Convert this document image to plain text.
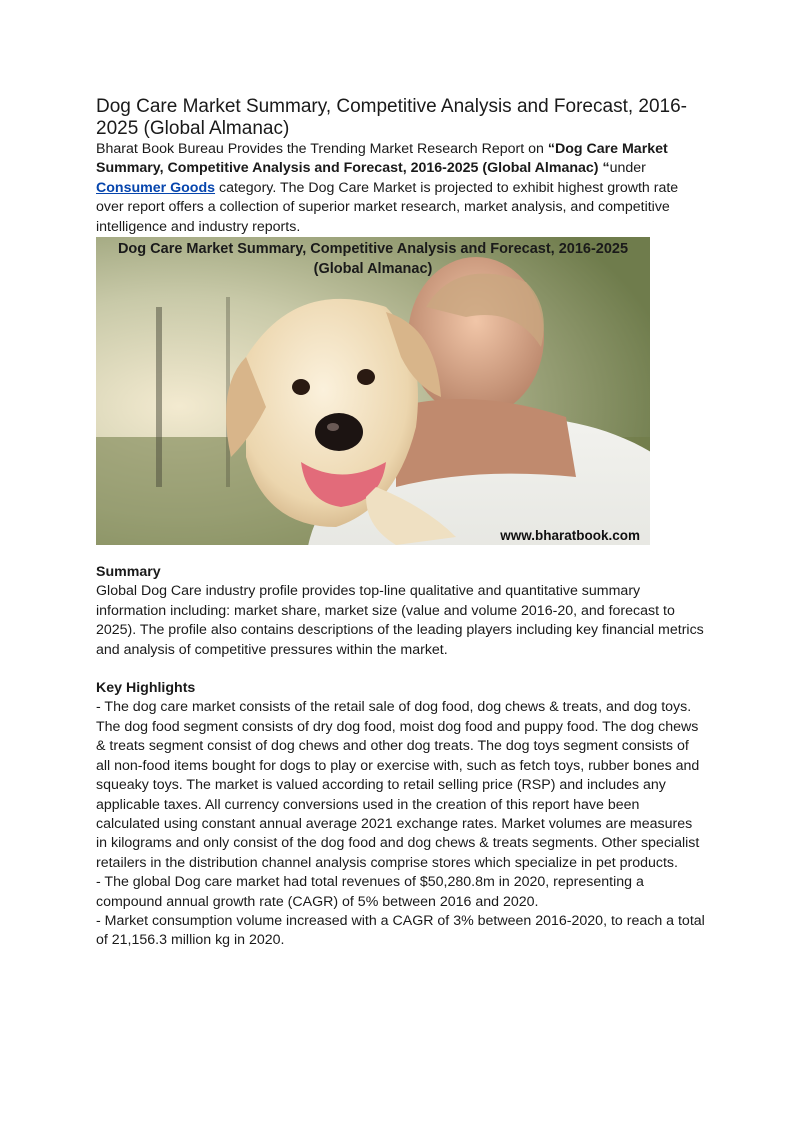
Dog Care Market Summary, Competitive Analysis and Forecast, 2016-2025 (Global Almanac)

Bharat Book Bureau Provides the Trending Market Research Report on “Dog Care Market Summary, Competitive Analysis and Forecast, 2016-2025 (Global Almanac) “under Consumer Goods category. The Dog Care Market is projected to exhibit highest growth rate over report offers a collection of superior market research, market analysis, and competitive intelligence and industry reports.

Dog Care Market Summary, Competitive Analysis and Forecast, 2016-2025
(Global Almanac)
www.bharatbook.com

Summary

Global Dog Care industry profile provides top-line qualitative and quantitative summary information including: market share, market size (value and volume 2016-20, and forecast to 2025). The profile also contains descriptions of the leading players including key financial metrics and analysis of competitive pressures within the market.

Key Highlights

- The dog care market consists of the retail sale of dog food, dog chews & treats, and dog toys. The dog food segment consists of dry dog food, moist dog food and puppy food. The dog chews & treats segment consist of dog chews and other dog treats. The dog toys segment consists of all non-food items bought for dogs to play or exercise with, such as fetch toys, rubber bones and squeaky toys. The market is valued according to retail selling price (RSP) and includes any applicable taxes. All currency conversions used in the creation of this report have been calculated using constant annual average 2021 exchange rates. Market volumes are measures in kilograms and only consist of the dog food and dog chews & treats segments. Other specialist retailers in the distribution channel analysis comprise stores which specialize in pet products.

- The global Dog care market had total revenues of $50,280.8m in 2020, representing a compound annual growth rate (CAGR) of 5% between 2016 and 2020.

- Market consumption volume increased with a CAGR of 3% between 2016-2020, to reach a total of 21,156.3 million kg in 2020.
